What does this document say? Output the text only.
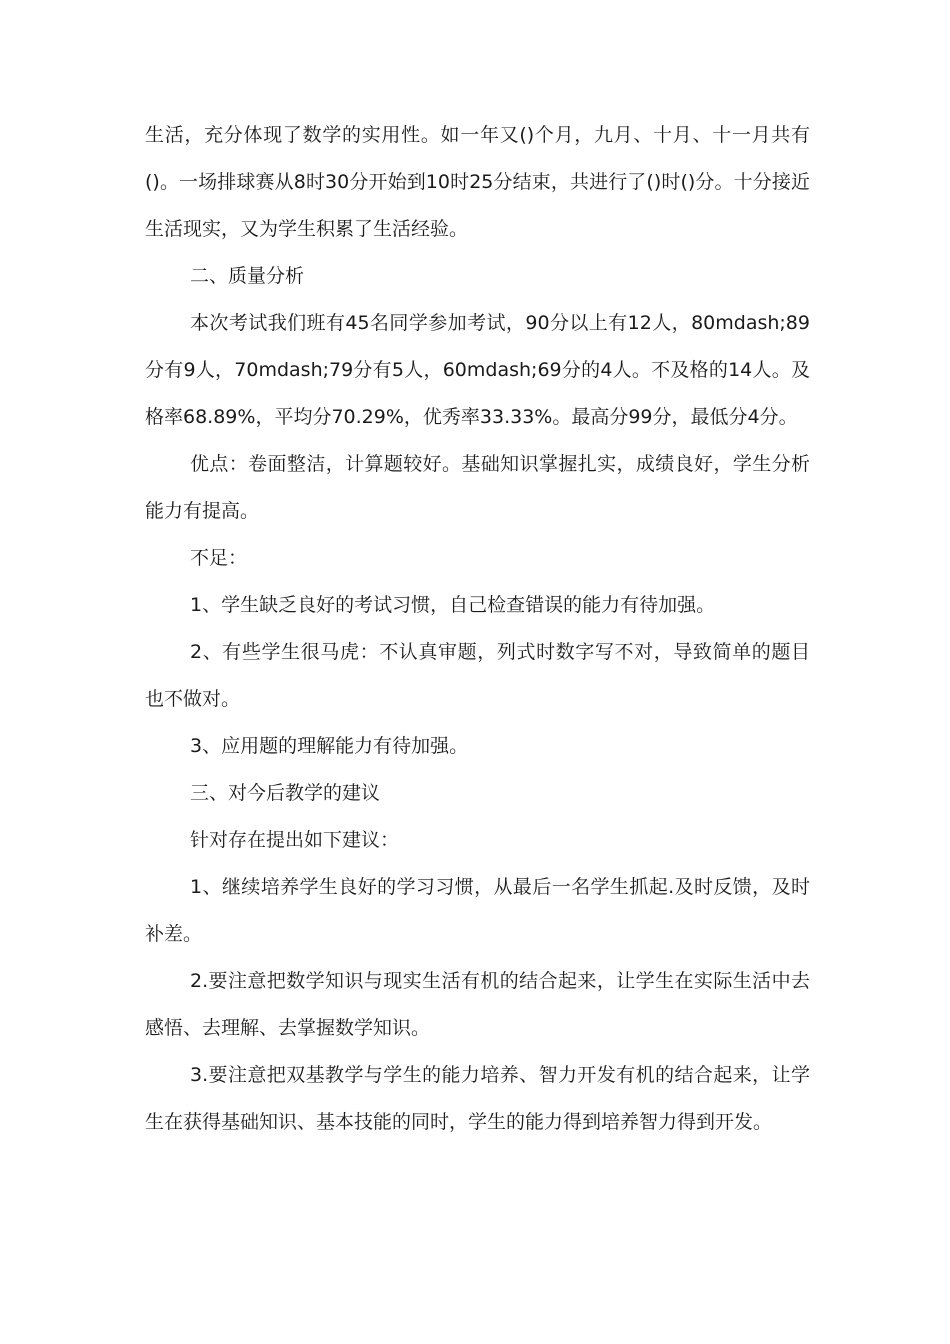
生活，充分体现了数学的实用性。如一年又()个月，九月、十月、十一月共有()。一场排球赛从8时30分开始到10时25分结束，共进行了()时()分。十分接近生活现实，又为学生积累了生活经验。

二、质量分析

本次考试我们班有45名同学参加考试，90分以上有12人，80mdash;89分有9人，70mdash;79分有5人，60mdash;69分的4人。不及格的14人。及格率68.89%，平均分70.29%，优秀率33.33%。最高分99分，最低分4分。

优点：卷面整洁，计算题较好。基础知识掌握扎实，成绩良好，学生分析能力有提高。

不足：

1、学生缺乏良好的考试习惯，自己检查错误的能力有待加强。

2、有些学生很马虎：不认真审题，列式时数字写不对，导致简单的题目也不做对。

3、应用题的理解能力有待加强。

三、对今后教学的建议

针对存在提出如下建议：

1、继续培养学生良好的学习习惯，从最后一名学生抓起.及时反馈，及时补差。

2.要注意把数学知识与现实生活有机的结合起来，让学生在实际生活中去感悟、去理解、去掌握数学知识。

3.要注意把双基教学与学生的能力培养、智力开发有机的结合起来，让学生在获得基础知识、基本技能的同时，学生的能力得到培养智力得到开发。
